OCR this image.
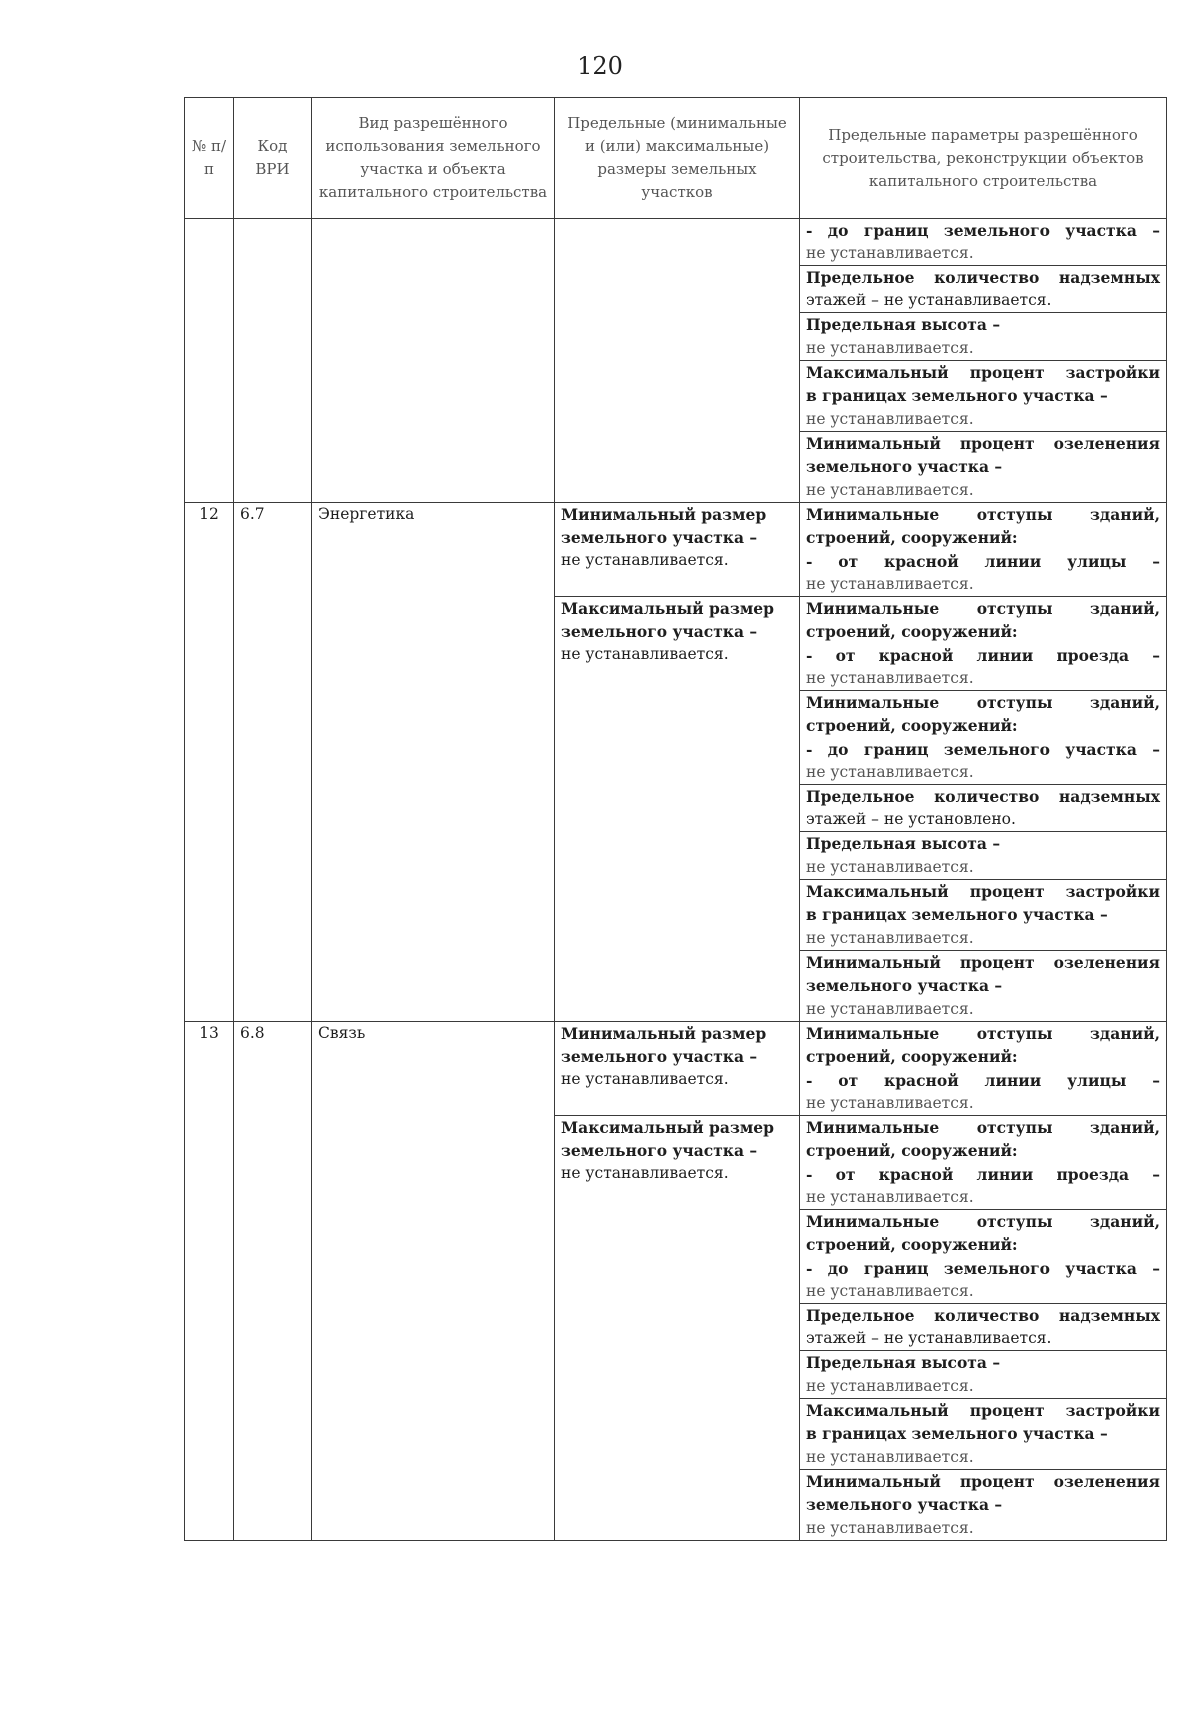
120
№ п/п	Код ВРИ	Вид разрешённого использования земельного участка и объекта капитального строительства	Предельные (минимальные и (или) максимальные) размеры земельных участков	Предельные параметры разрешённого строительства, реконструкции объектов капитального строительства

				- до границ земельного участка –
не устанавливается.

				Предельное количество надземных
этажей – не устанавливается.
				Предельная высота –
не устанавливается.

				Максимальный процент застройки
в границах земельного участка –
не устанавливается.

				Минимальный процент озеленения
земельного участка –
не устанавливается.
12	6.7	Энергетика	Минимальный размер земельного участка –
не устанавливается.	Минимальные отступы зданий,
строений, сооружений:
- от красной линии улицы –
не устанавливается.

			Максимальный размер земельного участка –
не устанавливается.	Минимальные отступы зданий,
строений, сооружений:
- от красной линии проезда –
не устанавливается.

				Минимальные отступы зданий,
строений, сооружений:
- до границ земельного участка –
не устанавливается.

				Предельное количество надземных
этажей – не установлено.
				Предельная высота –
не устанавливается.

				Максимальный процент застройки
в границах земельного участка –
не устанавливается.

				Минимальный процент озеленения
земельного участка –
не устанавливается.
13	6.8	Связь	Минимальный размер земельного участка –
не устанавливается.	Минимальные отступы зданий,
строений, сооружений:
- от красной линии улицы –
не устанавливается.

			Максимальный размер земельного участка –
не устанавливается.	Минимальные отступы зданий,
строений, сооружений:
- от красной линии проезда –
не устанавливается.

				Минимальные отступы зданий,
строений, сооружений:
- до границ земельного участка –
не устанавливается.

				Предельное количество надземных
этажей – не устанавливается.
				Предельная высота –
не устанавливается.

				Максимальный процент застройки
в границах земельного участка –
не устанавливается.

				Минимальный процент озеленения
земельного участка –
не устанавливается.
